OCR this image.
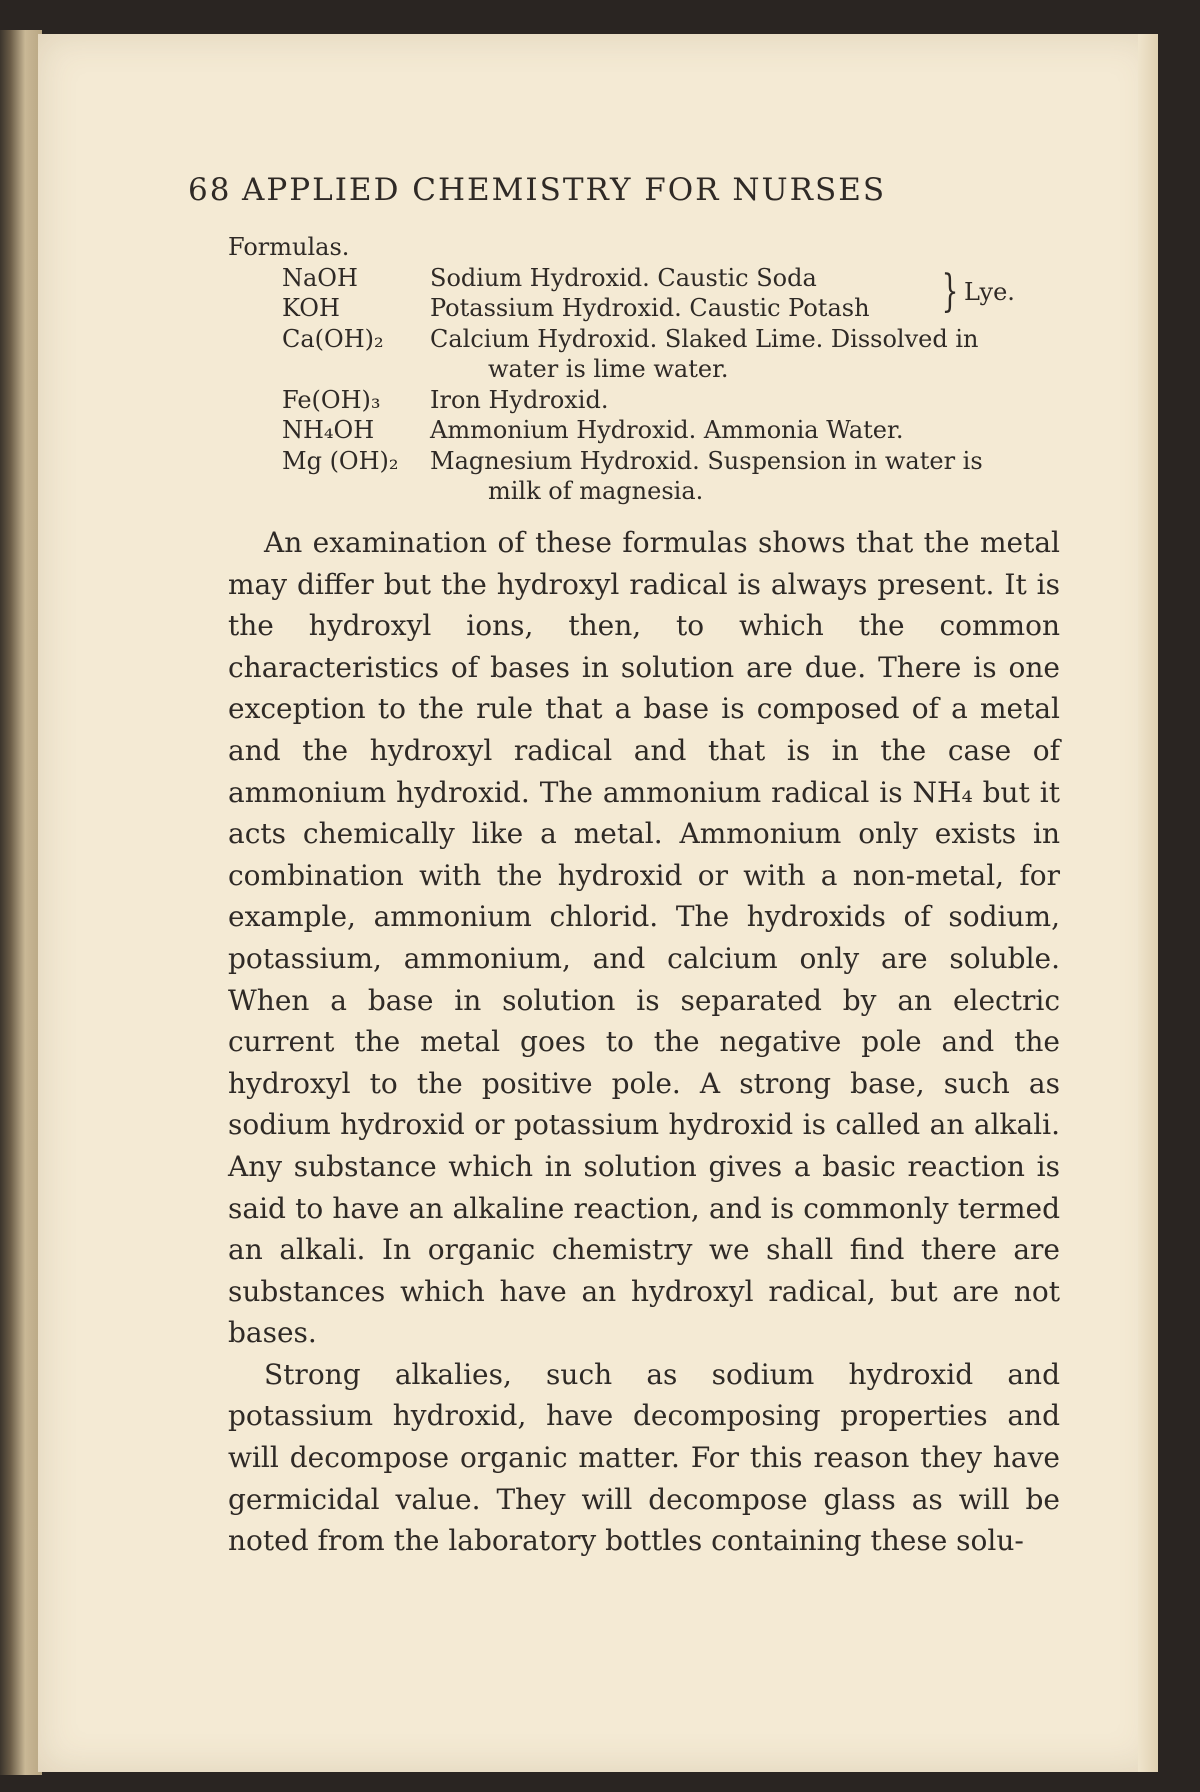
68 APPLIED CHEMISTRY FOR NURSES
Formulas.
NaOH	Sodium Hydroxid. Caustic Soda
KOH	Potassium Hydroxid. Caustic Potash	} Lye.
Ca(OH)₂	Calcium Hydroxid. Slaked Lime. Dissolved in
water is lime water.
Fe(OH)₃	Iron Hydroxid.
NH₄OH	Ammonium Hydroxid. Ammonia Water.
Mg (OH)₂	Magnesium Hydroxid. Suspension in water is
milk of magnesia.

An examination of these formulas shows that the metal may differ but the hydroxyl radical is always present. It is the hydroxyl ions, then, to which the common characteristics of bases in solution are due. There is one exception to the rule that a base is composed of a metal and the hydroxyl radical and that is in the case of ammonium hydroxid. The ammonium radical is NH₄ but it acts chemically like a metal. Ammonium only exists in combination with the hydroxid or with a non-metal, for example, ammonium chlorid. The hydroxids of sodium, potassium, ammonium, and calcium only are soluble. When a base in solution is separated by an electric current the metal goes to the negative pole and the hydroxyl to the positive pole. A strong base, such as sodium hydroxid or potassium hydroxid is called an alkali. Any substance which in solution gives a basic reaction is said to have an alkaline reaction, and is commonly termed an alkali. In organic chemistry we shall find there are substances which have an hydroxyl radical, but are not bases.

Strong alkalies, such as sodium hydroxid and potassium hydroxid, have decomposing properties and will decompose organic matter. For this reason they have germicidal value. They will decompose glass as will be noted from the laboratory bottles containing these solu-
